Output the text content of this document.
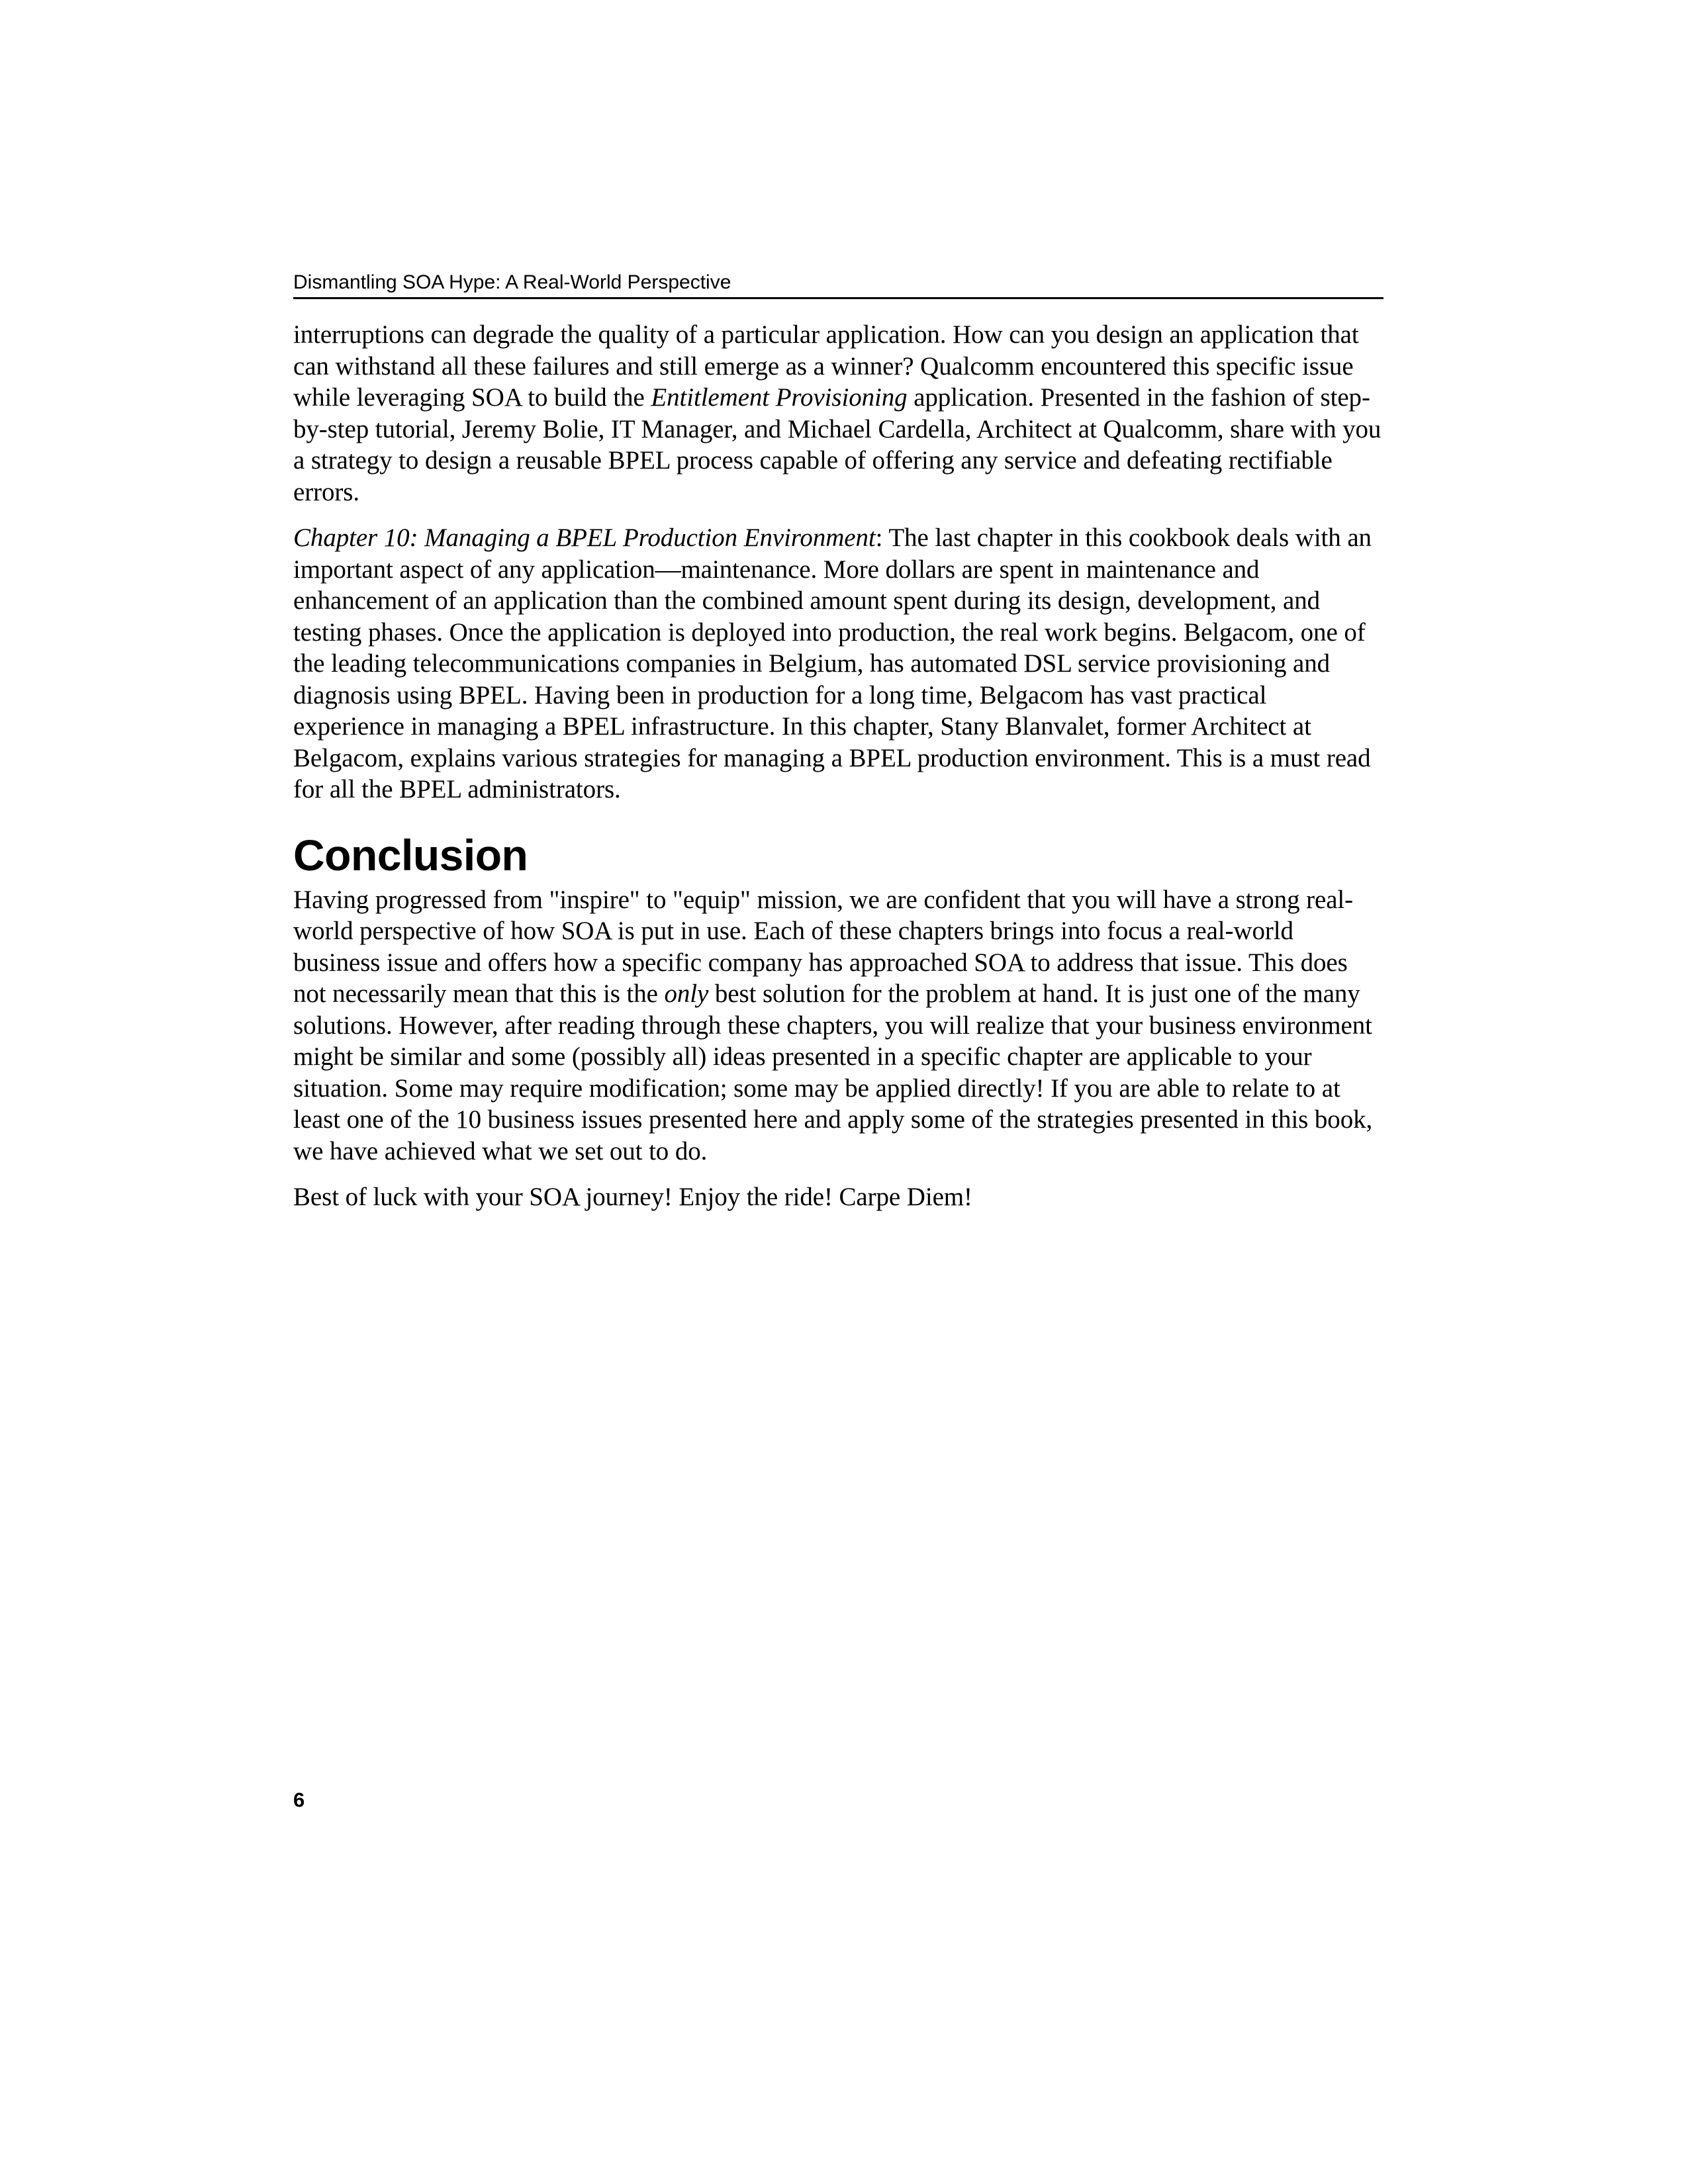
Dismantling SOA Hype: A Real-World Perspective

interruptions can degrade the quality of a particular application. How can you design an application that can withstand all these failures and still emerge as a winner? Qualcomm encountered this specific issue while leveraging SOA to build the Entitlement Provisioning application. Presented in the fashion of step-by-step tutorial, Jeremy Bolie, IT Manager, and Michael Cardella, Architect at Qualcomm, share with you a strategy to design a reusable BPEL process capable of offering any service and defeating rectifiable errors.

Chapter 10: Managing a BPEL Production Environment: The last chapter in this cookbook deals with an important aspect of any application—maintenance. More dollars are spent in maintenance and enhancement of an application than the combined amount spent during its design, development, and testing phases. Once the application is deployed into production, the real work begins. Belgacom, one of the leading telecommunications companies in Belgium, has automated DSL service provisioning and diagnosis using BPEL. Having been in production for a long time, Belgacom has vast practical experience in managing a BPEL infrastructure. In this chapter, Stany Blanvalet, former Architect at Belgacom, explains various strategies for managing a BPEL production environment. This is a must read for all the BPEL administrators.

Conclusion

Having progressed from "inspire" to "equip" mission, we are confident that you will have a strong real-world perspective of how SOA is put in use. Each of these chapters brings into focus a real-world business issue and offers how a specific company has approached SOA to address that issue. This does not necessarily mean that this is the only best solution for the problem at hand. It is just one of the many solutions. However, after reading through these chapters, you will realize that your business environment might be similar and some (possibly all) ideas presented in a specific chapter are applicable to your situation. Some may require modification; some may be applied directly! If you are able to relate to at least one of the 10 business issues presented here and apply some of the strategies presented in this book, we have achieved what we set out to do.

Best of luck with your SOA journey! Enjoy the ride! Carpe Diem!

6
